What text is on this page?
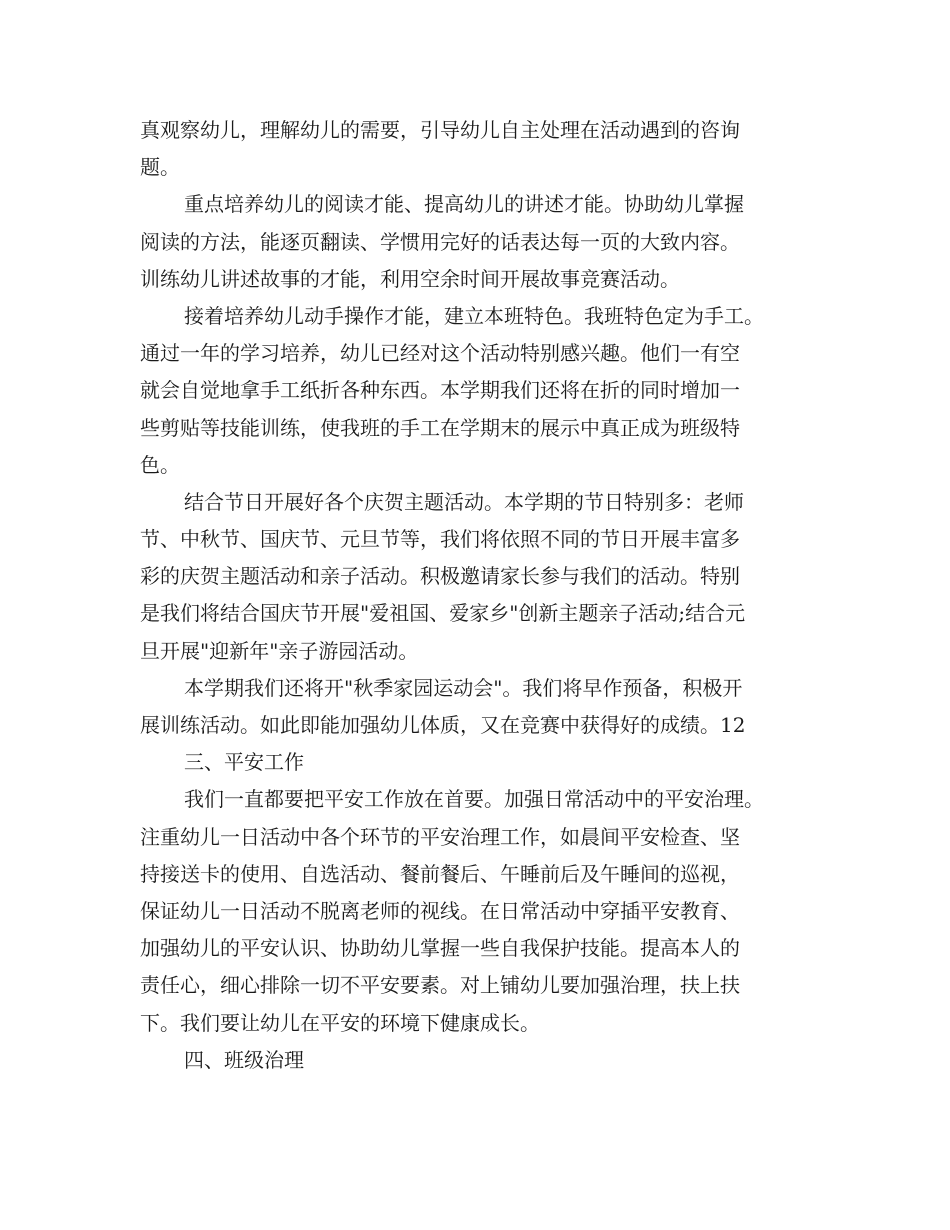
真观察幼儿，理解幼儿的需要，引导幼儿自主处理在活动遇到的咨询
题。
重点培养幼儿的阅读才能、提高幼儿的讲述才能。协助幼儿掌握
阅读的方法，能逐页翻读、学惯用完好的话表达每一页的大致内容。
训练幼儿讲述故事的才能，利用空余时间开展故事竞赛活动。
接着培养幼儿动手操作才能，建立本班特色。我班特色定为手工。
通过一年的学习培养，幼儿已经对这个活动特别感兴趣。他们一有空
就会自觉地拿手工纸折各种东西。本学期我们还将在折的同时增加一
些剪贴等技能训练，使我班的手工在学期末的展示中真正成为班级特
色。
结合节日开展好各个庆贺主题活动。本学期的节日特别多：老师
节、中秋节、国庆节、元旦节等，我们将依照不同的节日开展丰富多
彩的庆贺主题活动和亲子活动。积极邀请家长参与我们的活动。特别
是我们将结合国庆节开展"爱祖国、爱家乡"创新主题亲子活动;结合元
旦开展"迎新年"亲子游园活动。
本学期我们还将开"秋季家园运动会"。我们将早作预备，积极开
展训练活动。如此即能加强幼儿体质，又在竞赛中获得好的成绩。12
三、平安工作
我们一直都要把平安工作放在首要。加强日常活动中的平安治理。
注重幼儿一日活动中各个环节的平安治理工作，如晨间平安检查、坚
持接送卡的使用、自选活动、餐前餐后、午睡前后及午睡间的巡视，
保证幼儿一日活动不脱离老师的视线。在日常活动中穿插平安教育、
加强幼儿的平安认识、协助幼儿掌握一些自我保护技能。提高本人的
责任心，细心排除一切不平安要素。对上铺幼儿要加强治理，扶上扶
下。我们要让幼儿在平安的环境下健康成长。
四、班级治理
